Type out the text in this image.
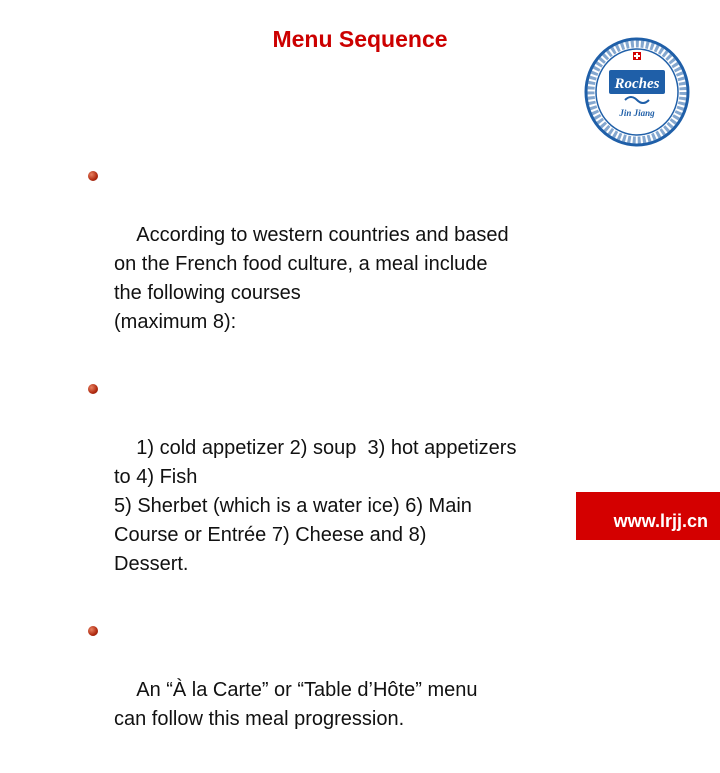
Menu Sequence
Roches
Jin Jiang

According to western countries and based
on the French food culture, a meal include
the following courses
(maximum 8):

1) cold appetizer 2) soup  3) hot appetizers
to 4) Fish
5) Sherbet (which is a water ice) 6) Main
Course or Entrée 7) Cheese and 8)
Dessert.

An “À la Carte” or “Table d’Hôte” menu
can follow this meal progression.

www.lrjj.cn
